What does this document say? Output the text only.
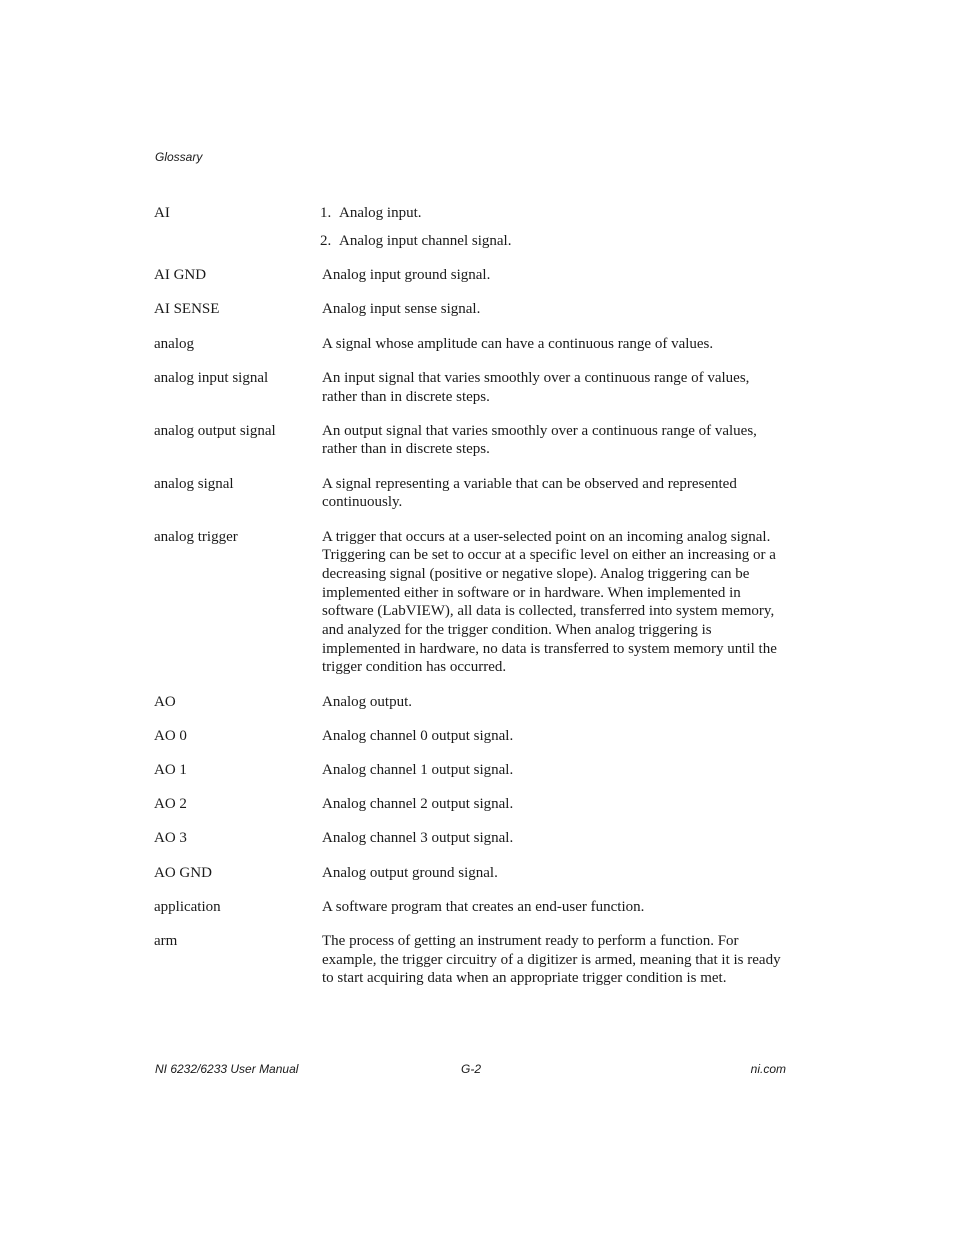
Glossary
AI	1. Analog input.
2. Analog input channel signal.
AI GND	Analog input ground signal.
AI SENSE	Analog input sense signal.
analog	A signal whose amplitude can have a continuous range of values.
analog input signal	An input signal that varies smoothly over a continuous range of values, rather than in discrete steps.
analog output signal	An output signal that varies smoothly over a continuous range of values, rather than in discrete steps.
analog signal	A signal representing a variable that can be observed and represented continuously.
analog trigger	A trigger that occurs at a user-selected point on an incoming analog signal. Triggering can be set to occur at a specific level on either an increasing or a decreasing signal (positive or negative slope). Analog triggering can be implemented either in software or in hardware. When implemented in software (LabVIEW), all data is collected, transferred into system memory, and analyzed for the trigger condition. When analog triggering is implemented in hardware, no data is transferred to system memory until the trigger condition has occurred.
AO	Analog output.
AO 0	Analog channel 0 output signal.
AO 1	Analog channel 1 output signal.
AO 2	Analog channel 2 output signal.
AO 3	Analog channel 3 output signal.
AO GND	Analog output ground signal.
application	A software program that creates an end-user function.
arm	The process of getting an instrument ready to perform a function. For example, the trigger circuitry of a digitizer is armed, meaning that it is ready to start acquiring data when an appropriate trigger condition is met.
NI 6232/6233 User Manual	G-2	ni.com
